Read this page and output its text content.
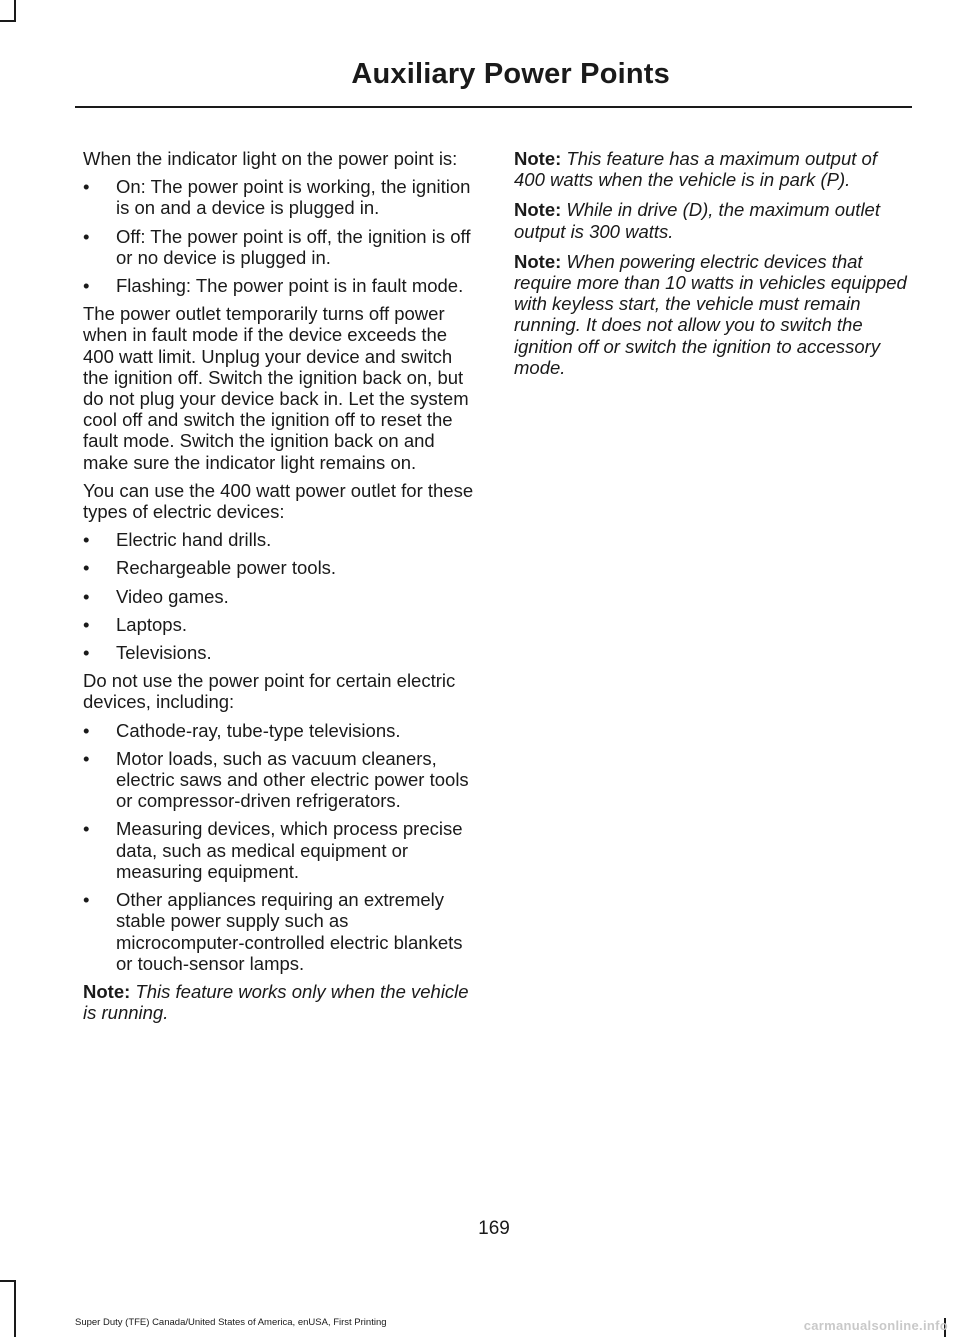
Auxiliary Power Points

When the indicator light on the power point is:

• On: The power point is working, the ignition is on and a device is plugged in.
• Off: The power point is off, the ignition is off or no device is plugged in.
• Flashing: The power point is in fault mode.

The power outlet temporarily turns off power when in fault mode if the device exceeds the 400 watt limit. Unplug your device and switch the ignition off. Switch the ignition back on, but do not plug your device back in. Let the system cool off and switch the ignition off to reset the fault mode. Switch the ignition back on and make sure the indicator light remains on.

You can use the 400 watt power outlet for these types of electric devices:

• Electric hand drills.
• Rechargeable power tools.
• Video games.
• Laptops.
• Televisions.

Do not use the power point for certain electric devices, including:

• Cathode-ray, tube-type televisions.
• Motor loads, such as vacuum cleaners, electric saws and other electric power tools or compressor-driven refrigerators.
• Measuring devices, which process precise data, such as medical equipment or measuring equipment.
• Other appliances requiring an extremely stable power supply such as microcomputer-controlled electric blankets or touch-sensor lamps.

Note: This feature works only when the vehicle is running.

Note: This feature has a maximum output of 400 watts when the vehicle is in park (P).

Note: While in drive (D), the maximum outlet output is 300 watts.

Note: When powering electric devices that require more than 10 watts in vehicles equipped with keyless start, the vehicle must remain running. It does not allow you to switch the ignition off or switch the ignition to accessory mode.

169
Super Duty (TFE) Canada/United States of America, enUSA, First Printing	carmanualsonline.info
